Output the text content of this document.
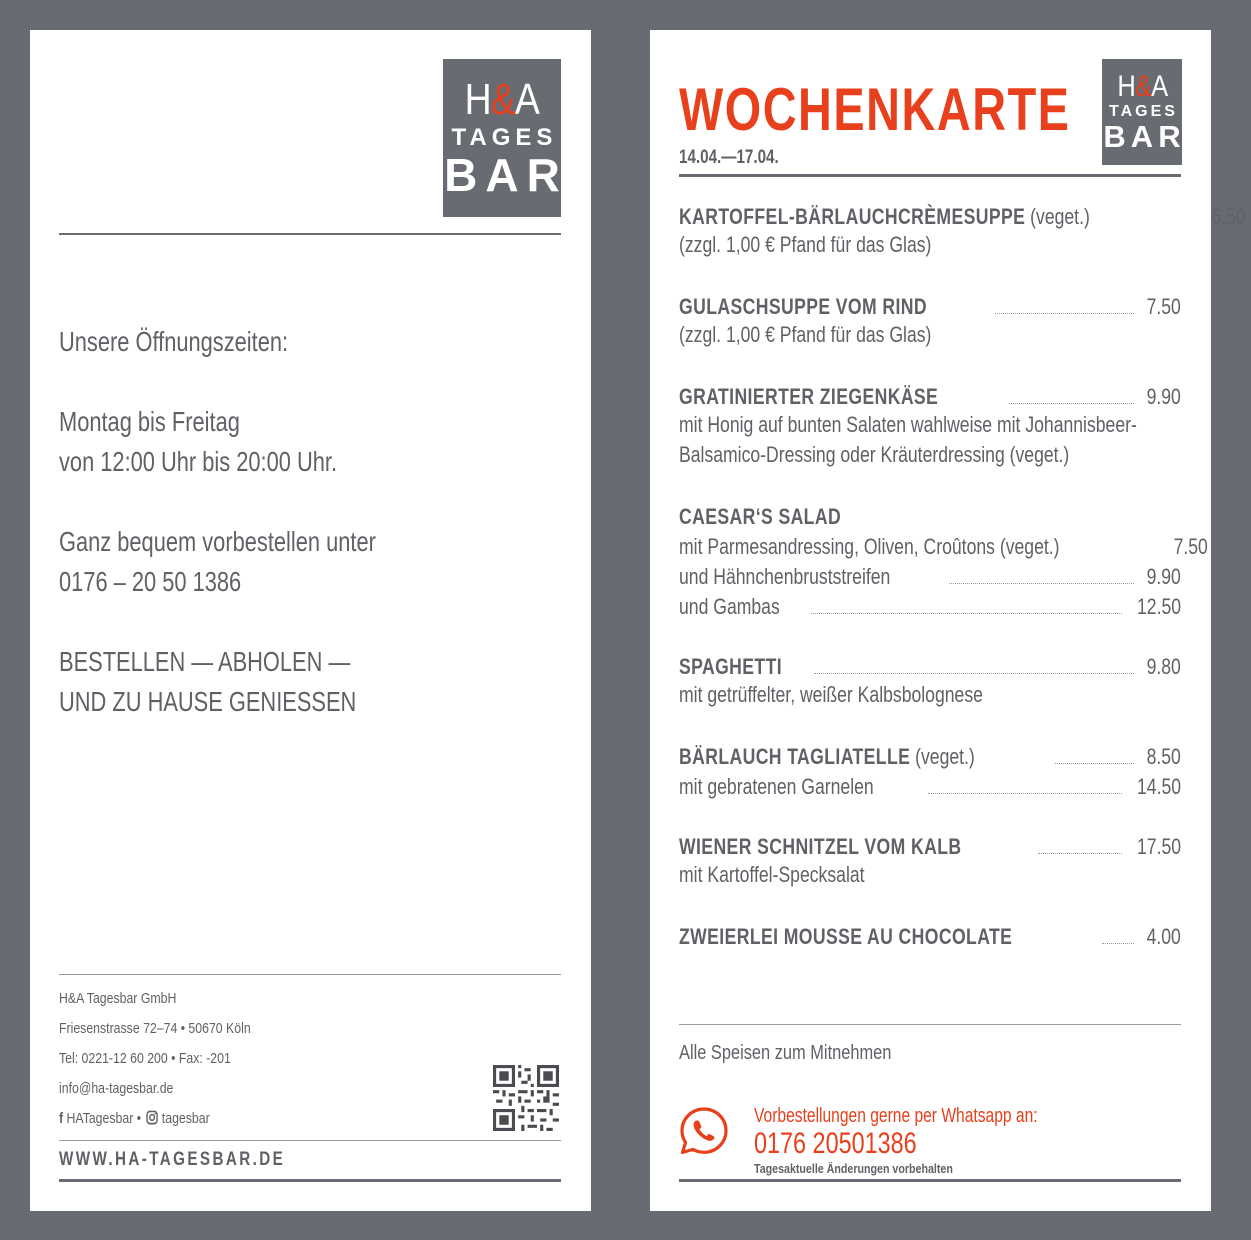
H&A
TAGES
BAR
Unsere Öffnungszeiten:
Montag bis Freitag
von 12:00 Uhr bis 20:00 Uhr.
Ganz bequem vorbestellen unter
0176 – 20 50 1386
BESTELLEN — ABHOLEN —
UND ZU HAUSE GENIESSEN
H&A Tagesbar GmbH
Friesenstrasse 72–74 • 50670 Köln
Tel: 0221-12 60 200 • Fax: -201
info@ha-tagesbar.de
f HATagesbar • tagesbar
WWW.HA-TAGESBAR.DE
WOCHENKARTE
14.04.—17.04.
H&A
TAGES
BAR
KARTOFFEL-BÄRLAUCHCRÈMESUPPE (veget.)	6.50
(zzgl. 1,00 € Pfand für das Glas)
GULASCHSUPPE VOM RIND	7.50
(zzgl. 1,00 € Pfand für das Glas)
GRATINIERTER ZIEGENKÄSE	9.90
mit Honig auf bunten Salaten wahlweise mit Johannisbeer-
Balsamico-Dressing oder Kräuterdressing (veget.)
CAESAR‘S SALAD
mit Parmesandressing, Oliven, Croûtons (veget.)	7.50
und Hähnchenbruststreifen	9.90
und Gambas	12.50
SPAGHETTI	9.80
mit getrüffelter, weißer Kalbsbolognese
BÄRLAUCH TAGLIATELLE (veget.)	8.50
mit gebratenen Garnelen	14.50
WIENER SCHNITZEL VOM KALB	17.50
mit Kartoffel-Specksalat
ZWEIERLEI MOUSSE AU CHOCOLATE	4.00
Alle Speisen zum Mitnehmen
Vorbestellungen gerne per Whatsapp an:
0176 20501386
Tagesaktuelle Änderungen vorbehalten
